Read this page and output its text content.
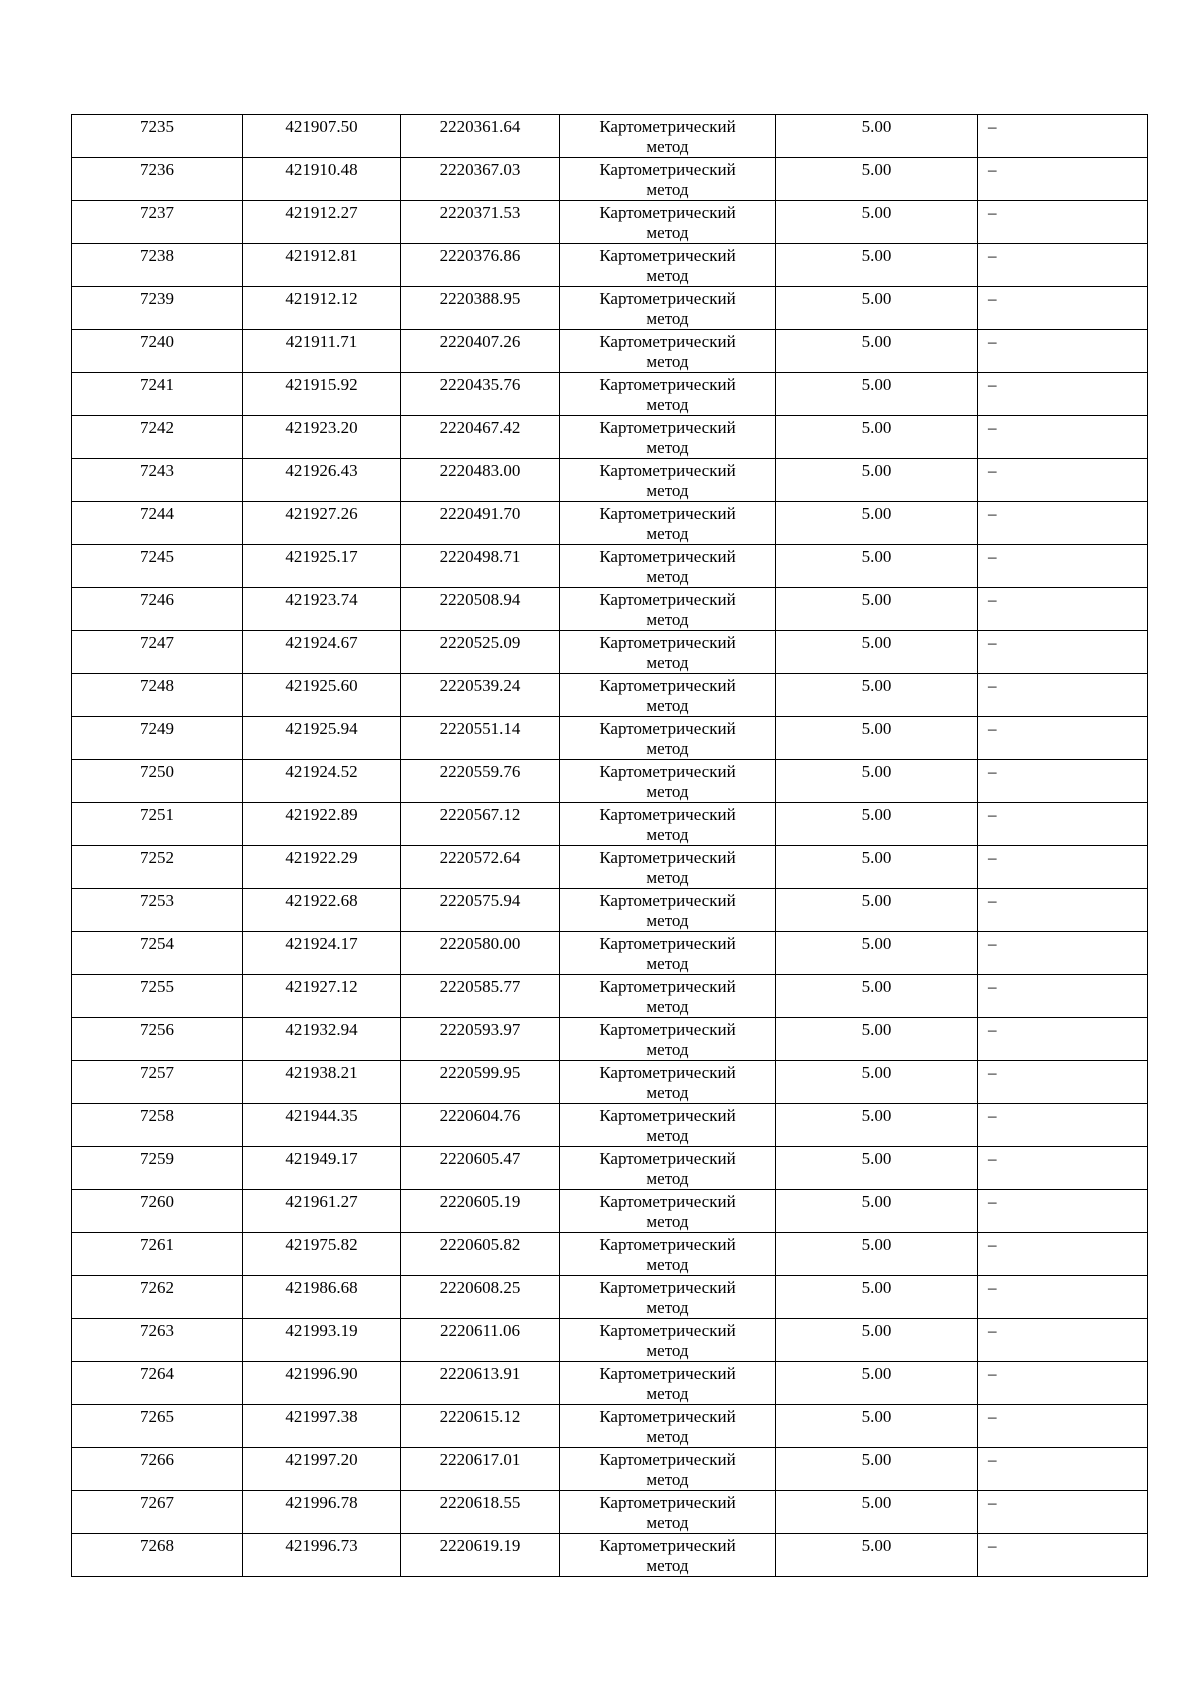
7235	421907.50	2220361.64	Картометрический
метод	5.00	–
7236	421910.48	2220367.03	Картометрический
метод	5.00	–
7237	421912.27	2220371.53	Картометрический
метод	5.00	–
7238	421912.81	2220376.86	Картометрический
метод	5.00	–
7239	421912.12	2220388.95	Картометрический
метод	5.00	–
7240	421911.71	2220407.26	Картометрический
метод	5.00	–
7241	421915.92	2220435.76	Картометрический
метод	5.00	–
7242	421923.20	2220467.42	Картометрический
метод	5.00	–
7243	421926.43	2220483.00	Картометрический
метод	5.00	–
7244	421927.26	2220491.70	Картометрический
метод	5.00	–
7245	421925.17	2220498.71	Картометрический
метод	5.00	–
7246	421923.74	2220508.94	Картометрический
метод	5.00	–
7247	421924.67	2220525.09	Картометрический
метод	5.00	–
7248	421925.60	2220539.24	Картометрический
метод	5.00	–
7249	421925.94	2220551.14	Картометрический
метод	5.00	–
7250	421924.52	2220559.76	Картометрический
метод	5.00	–
7251	421922.89	2220567.12	Картометрический
метод	5.00	–
7252	421922.29	2220572.64	Картометрический
метод	5.00	–
7253	421922.68	2220575.94	Картометрический
метод	5.00	–
7254	421924.17	2220580.00	Картометрический
метод	5.00	–
7255	421927.12	2220585.77	Картометрический
метод	5.00	–
7256	421932.94	2220593.97	Картометрический
метод	5.00	–
7257	421938.21	2220599.95	Картометрический
метод	5.00	–
7258	421944.35	2220604.76	Картометрический
метод	5.00	–
7259	421949.17	2220605.47	Картометрический
метод	5.00	–
7260	421961.27	2220605.19	Картометрический
метод	5.00	–
7261	421975.82	2220605.82	Картометрический
метод	5.00	–
7262	421986.68	2220608.25	Картометрический
метод	5.00	–
7263	421993.19	2220611.06	Картометрический
метод	5.00	–
7264	421996.90	2220613.91	Картометрический
метод	5.00	–
7265	421997.38	2220615.12	Картометрический
метод	5.00	–
7266	421997.20	2220617.01	Картометрический
метод	5.00	–
7267	421996.78	2220618.55	Картометрический
метод	5.00	–
7268	421996.73	2220619.19	Картометрический
метод	5.00	–
